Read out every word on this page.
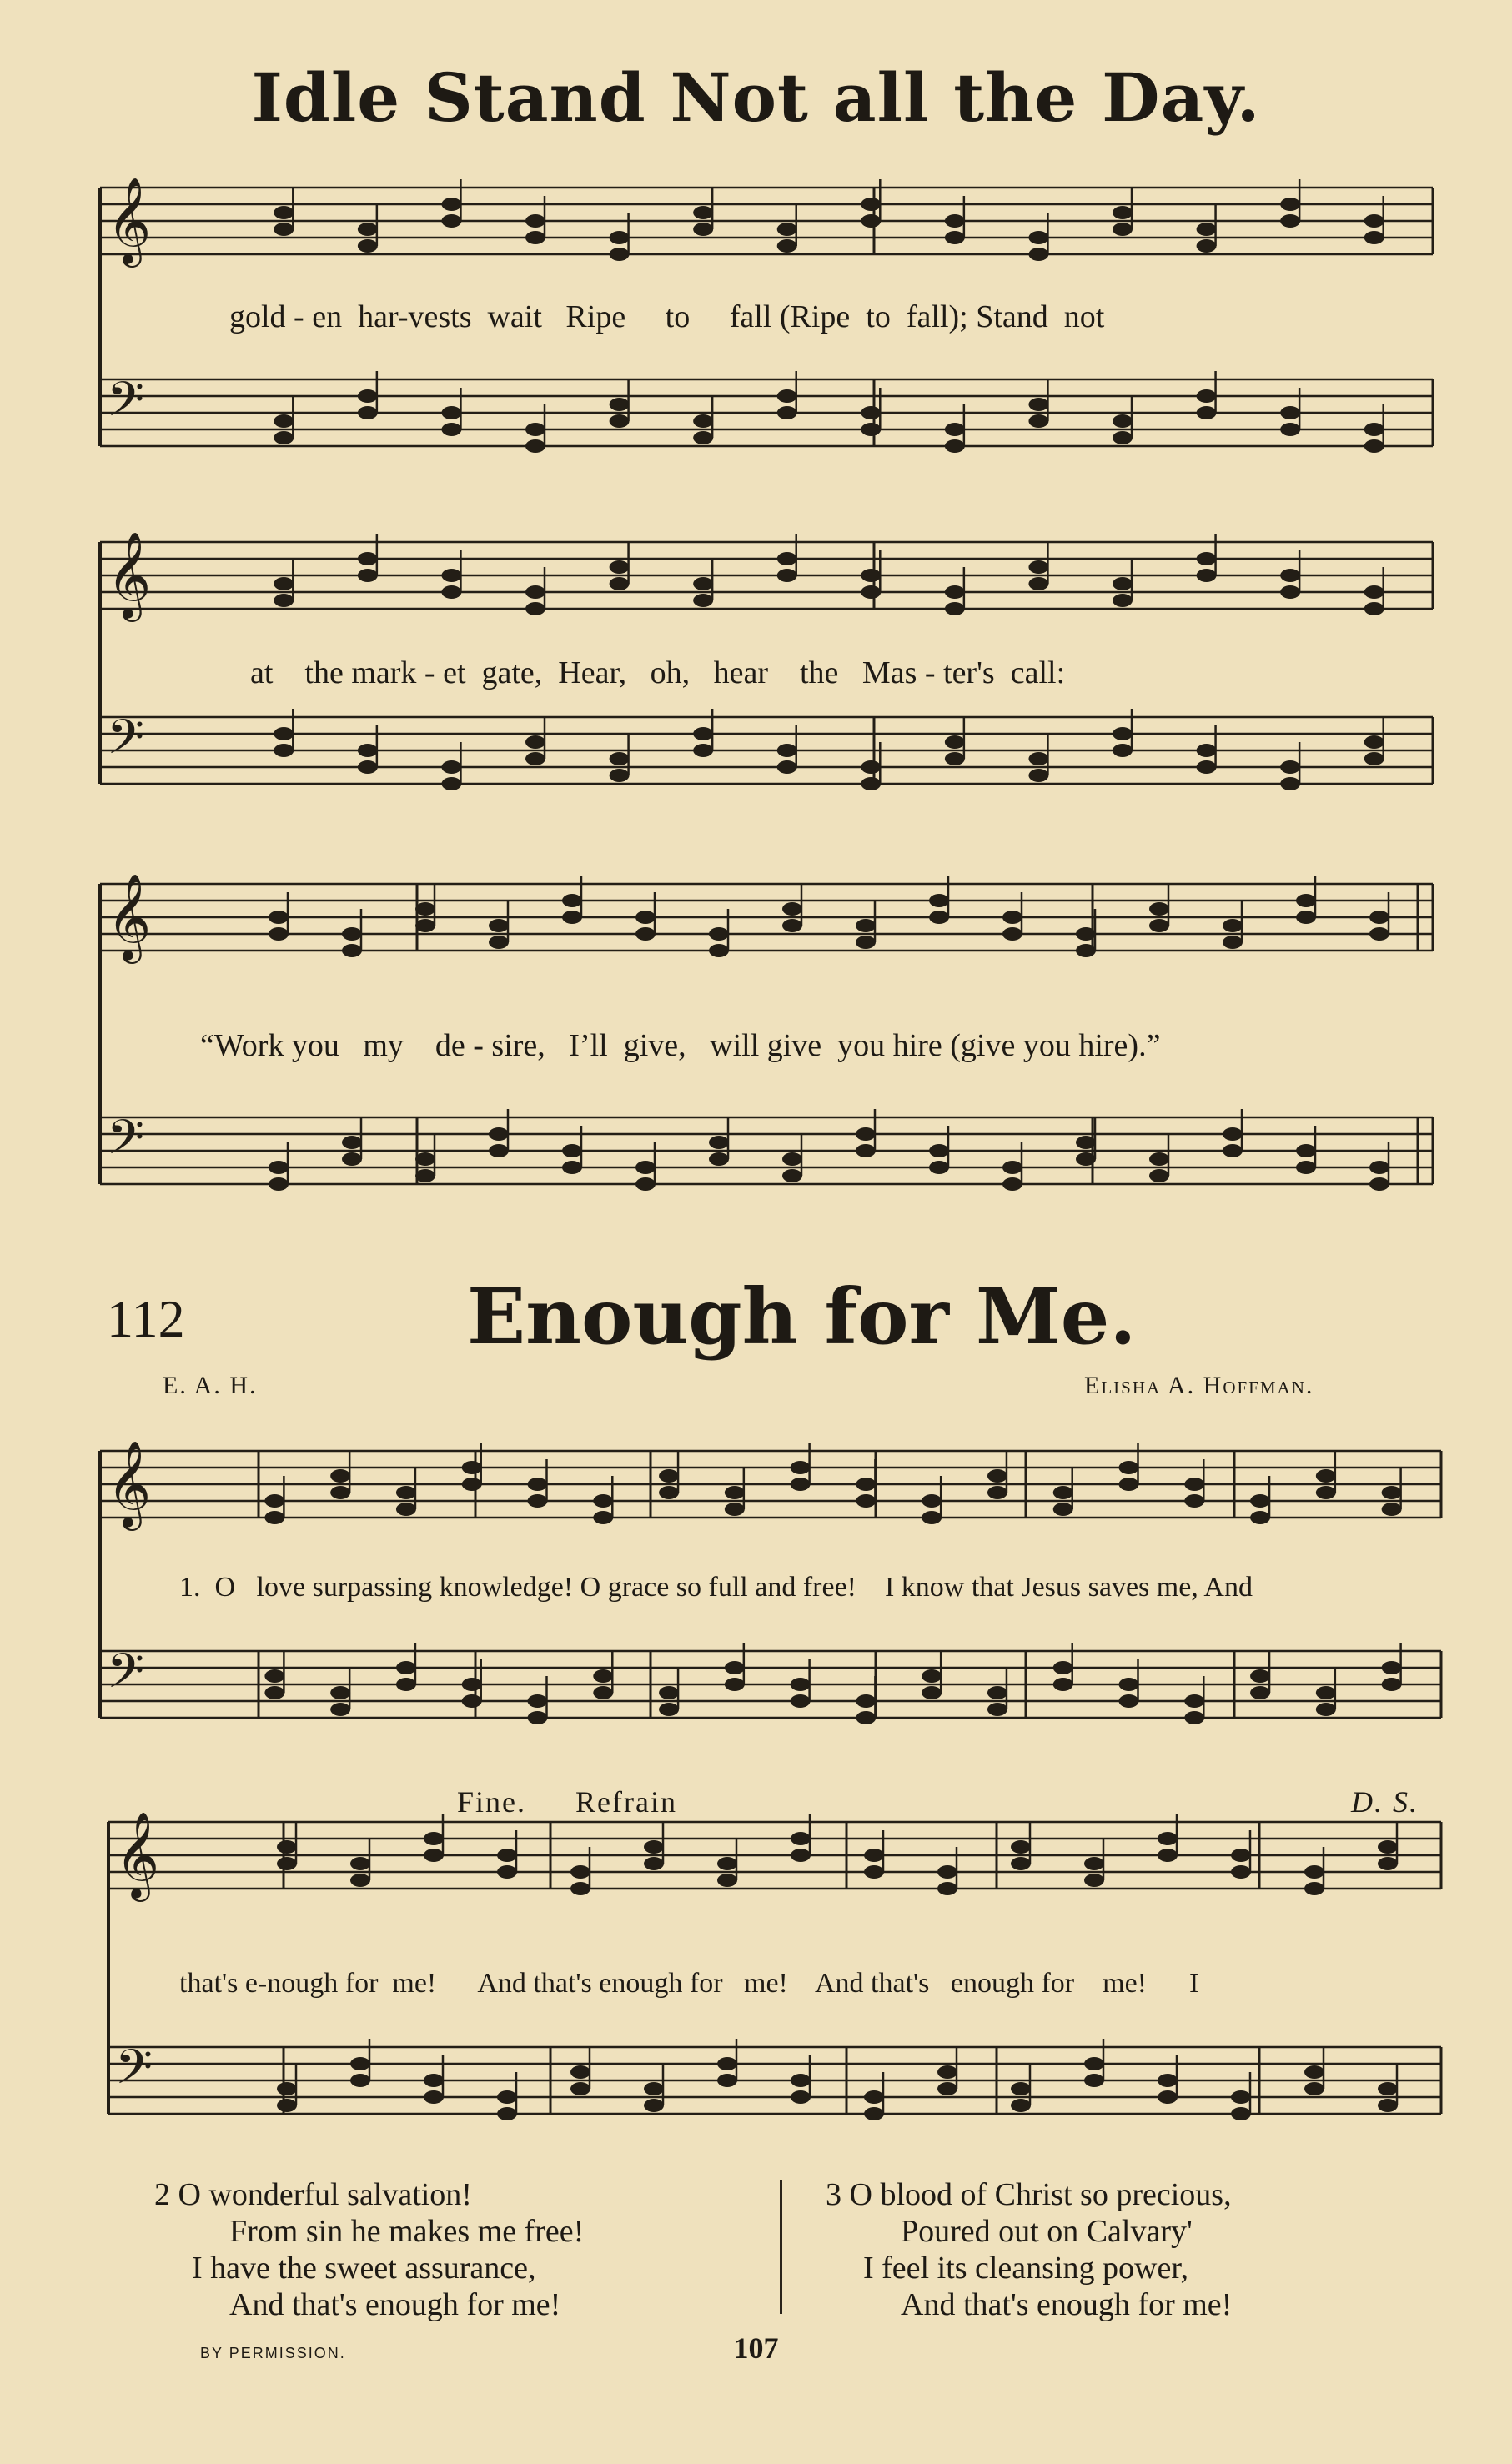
𝄞
𝄢
𝄞
𝄢
𝄞
𝄢
𝄞
𝄢
𝄞
𝄢
Idle Stand Not all the Day.
gold - en  har-vests  wait   Ripe     to     fall (Ripe  to  fall); Stand  not
at    the mark - et  gate,  Hear,   oh,   hear    the   Mas - ter's  call:
“Work you   my    de - sire,   I’ll  give,   will give  you hire (give you hire).”
112	Enough for Me.
E. A. H.	Elisha A. Hoffman.
1.  O   love surpassing knowledge! O grace so full and free!    I know that Jesus saves me, And
Fine. Refrain	D. S.
that's e-nough for  me!      And that's enough for   me!    And that's   enough for    me!      I
2 O wonderful salvation!
From sin he makes me free!
I have the sweet assurance,
And that's enough for me!
3 O blood of Christ so precious,
Poured out on Calvary'
I feel its cleansing power,
And that's enough for me!
BY PERMISSION.	107
